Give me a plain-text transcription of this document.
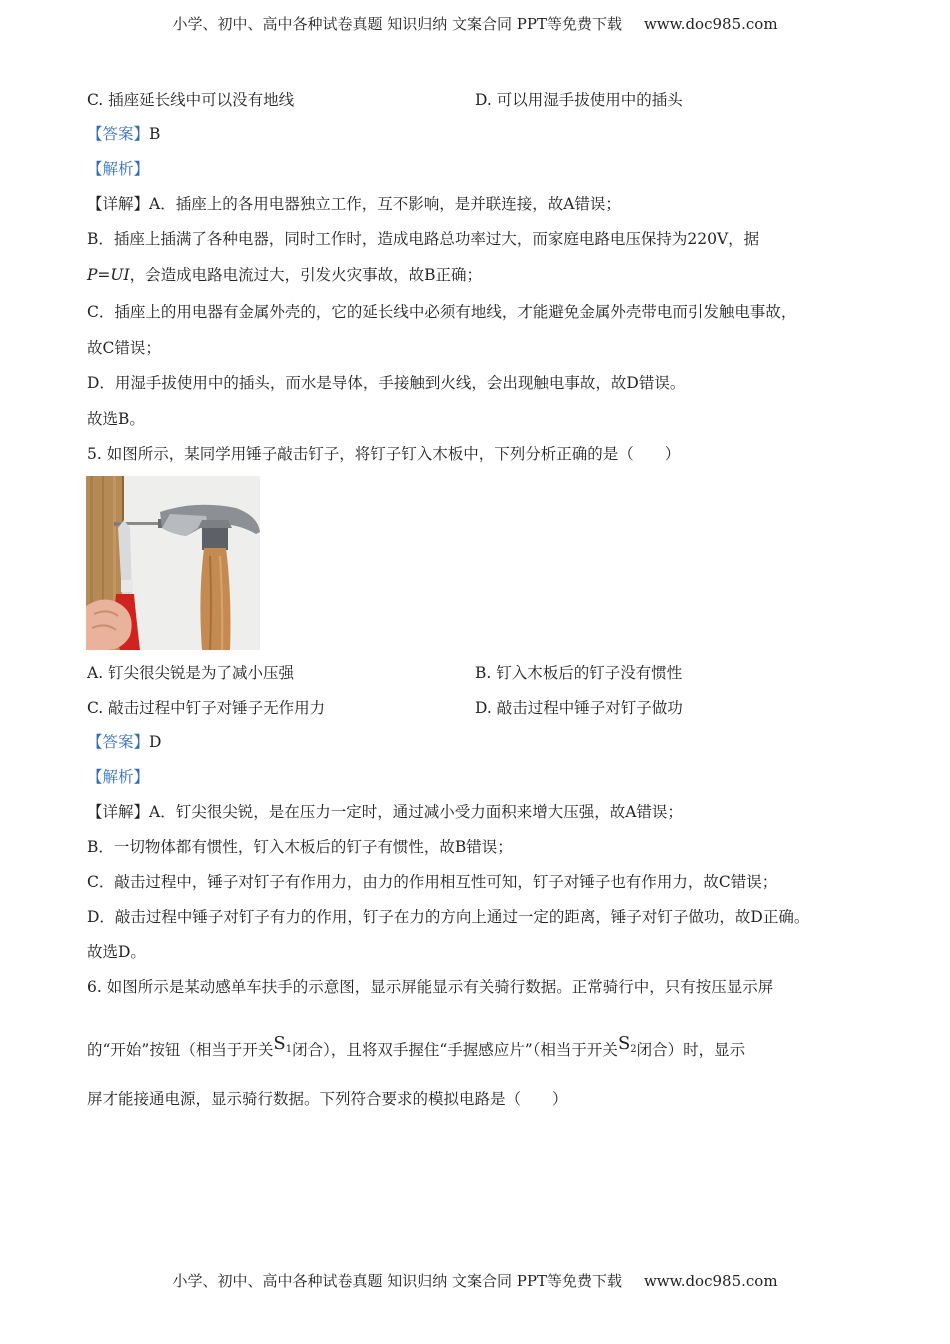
小学、初中、高中各种试卷真题 知识归纳 文案合同 PPT等免费下载 www.doc985.com
C. 插座延长线中可以没有地线	D. 可以用湿手拔使用中的插头
【答案】B
【解析】
【详解】A．插座上的各用电器独立工作，互不影响，是并联连接，故A错误；
B．插座上插满了各种电器，同时工作时，造成电路总功率过大，而家庭电路电压保持为220V，据
P=UI，会造成电路电流过大，引发火灾事故，故B正确；
C．插座上的用电器有金属外壳的，它的延长线中必须有地线，才能避免金属外壳带电而引发触电事故，
故C错误；
D．用湿手拔使用中的插头，而水是导体，手接触到火线，会出现触电事故，故D错误。
故选B。
5. 如图所示，某同学用锤子敲击钉子，将钉子钉入木板中，下列分析正确的是（　　）
A. 钉尖很尖锐是为了减小压强	B. 钉入木板后的钉子没有惯性
C. 敲击过程中钉子对锤子无作用力	D. 敲击过程中锤子对钉子做功
【答案】D
【解析】
【详解】A．钉尖很尖锐，是在压力一定时，通过减小受力面积来增大压强，故A错误；
B．一切物体都有惯性，钉入木板后的钉子有惯性，故B错误；
C．敲击过程中，锤子对钉子有作用力，由力的作用相互性可知，钉子对锤子也有作用力，故C错误；
D．敲击过程中锤子对钉子有力的作用，钉子在力的方向上通过一定的距离，锤子对钉子做功，故D正确。
故选D。
6. 如图所示是某动感单车扶手的示意图，显示屏能显示有关骑行数据。正常骑行中，只有按压显示屏
的“开始”按钮（相当于开关$S_1$闭合），且将双手握住“手握感应片”（相当于开关$S_2$闭合）时，显示
屏才能接通电源，显示骑行数据。下列符合要求的模拟电路是（　　）
小学、初中、高中各种试卷真题 知识归纳 文案合同 PPT等免费下载 www.doc985.com
